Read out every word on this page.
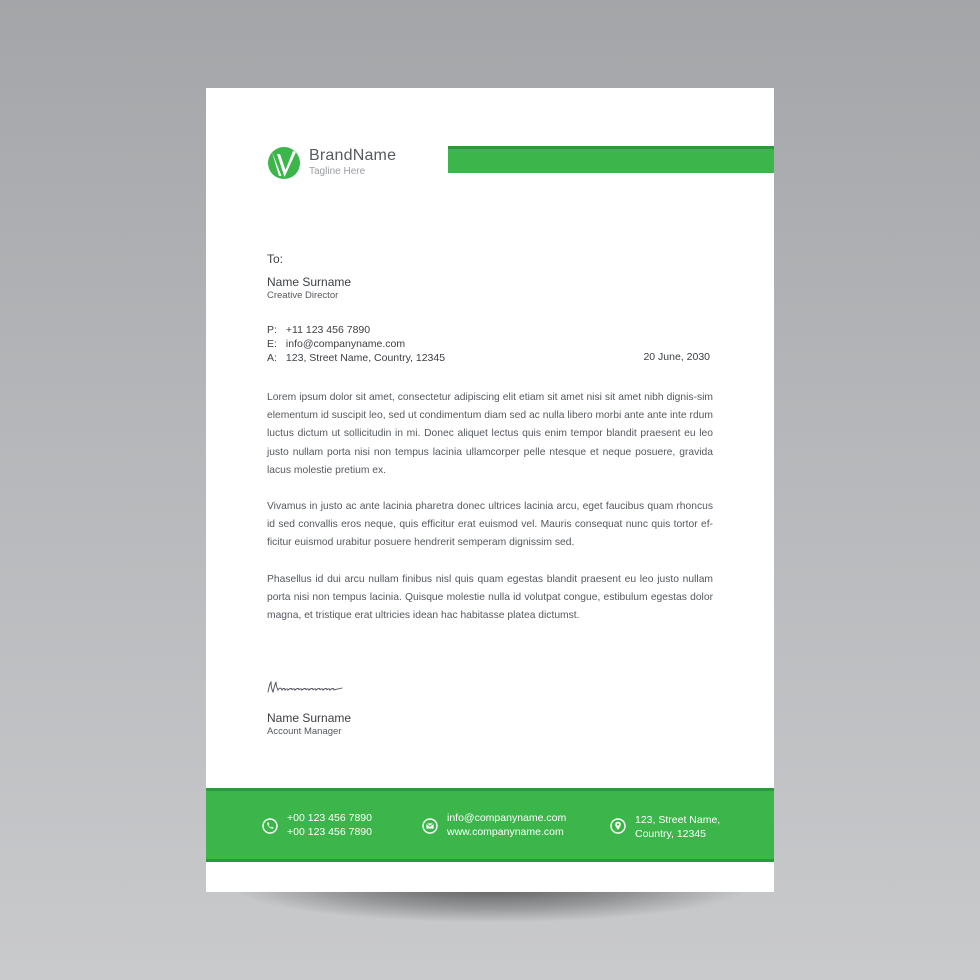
BrandName
Tagline Here
To:
Name Surname
Creative Director
P: +11 123 456 7890
E: info@companyname.com
A: 123, Street Name, Country, 12345	20 June, 2030

Lorem ipsum dolor sit amet, consectetur adipiscing elit etiam sit amet nisi sit amet nibh dignis-sim elementum id suscipit leo, sed ut condimentum diam sed ac nulla libero morbi ante ante inte rdum luctus dictum ut sollicitudin in mi. Donec aliquet lectus quis enim tempor blandit praesent eu leo justo nullam porta nisi non tempus lacinia ullamcorper pelle ntesque et neque posuere, gravida lacus molestie pretium ex.

Vivamus in justo ac ante lacinia pharetra donec ultrices lacinia arcu, eget faucibus quam rhoncus id sed convallis eros neque, quis efficitur erat euismod vel. Mauris consequat nunc quis tortor ef-ficitur euismod urabitur posuere hendrerit semperam dignissim sed.

Phasellus id dui arcu nullam finibus nisl quis quam egestas blandit praesent eu leo justo nullam porta nisi non tempus lacinia. Quisque molestie nulla id volutpat congue, estibulum egestas dolor magna, et tristique erat ultricies idean hac habitasse platea dictumst.

Name Surname
Account Manager
+00 123 456 7890
+00 123 456 7890
info@companyname.com
www.companyname.com
123, Street Name,
Country, 12345
